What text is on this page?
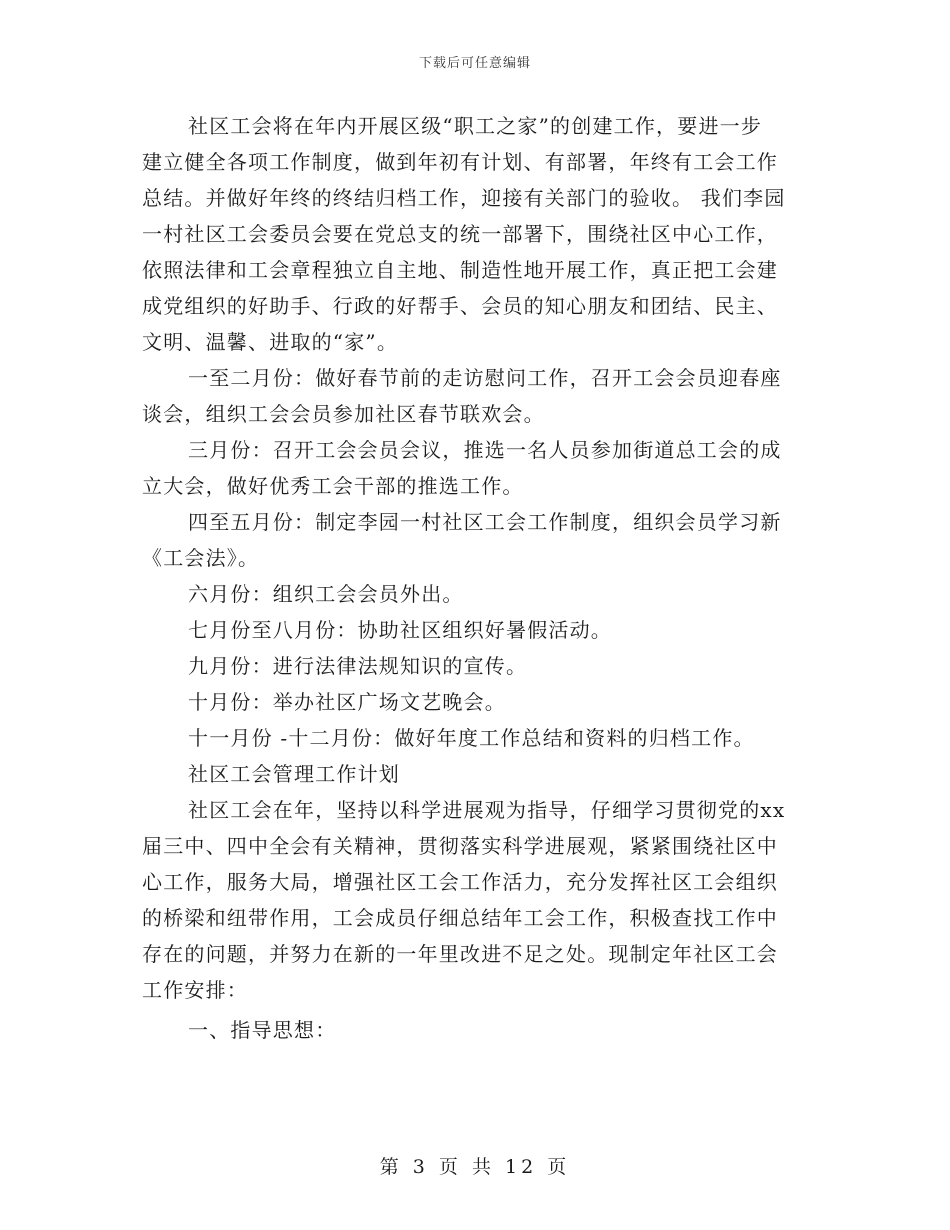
下载后可任意编辑

社区工会将在年内开展区级“职工之家”的创建工作，要进一步

建立健全各项工作制度，做到年初有计划、有部署，年终有工会工作

总结。并做好年终的终结归档工作，迎接有关部门的验收。 我们李园

一村社区工会委员会要在党总支的统一部署下，围绕社区中心工作，

依照法律和工会章程独立自主地、制造性地开展工作，真正把工会建

成党组织的好助手、行政的好帮手、会员的知心朋友和团结、民主、

文明、温馨、进取的“家”。

一至二月份：做好春节前的走访慰问工作，召开工会会员迎春座

谈会，组织工会会员参加社区春节联欢会。

三月份：召开工会会员会议，推选一名人员参加街道总工会的成

立大会，做好优秀工会干部的推选工作。

四至五月份：制定李园一村社区工会工作制度，组织会员学习新

《工会法》。

六月份：组织工会会员外出。

七月份至八月份：协助社区组织好暑假活动。

九月份：进行法律法规知识的宣传。

十月份：举办社区广场文艺晚会。

十一月份 -十二月份：做好年度工作总结和资料的归档工作。

社区工会管理工作计划

社区工会在年，坚持以科学进展观为指导，仔细学习贯彻党的xx

届三中、四中全会有关精神，贯彻落实科学进展观，紧紧围绕社区中

心工作，服务大局，增强社区工会工作活力，充分发挥社区工会组织

的桥梁和纽带作用，工会成员仔细总结年工会工作，积极查找工作中

存在的问题，并努力在新的一年里改进不足之处。现制定年社区工会

工作安排：

一、指导思想：

第 3 页 共 12 页
